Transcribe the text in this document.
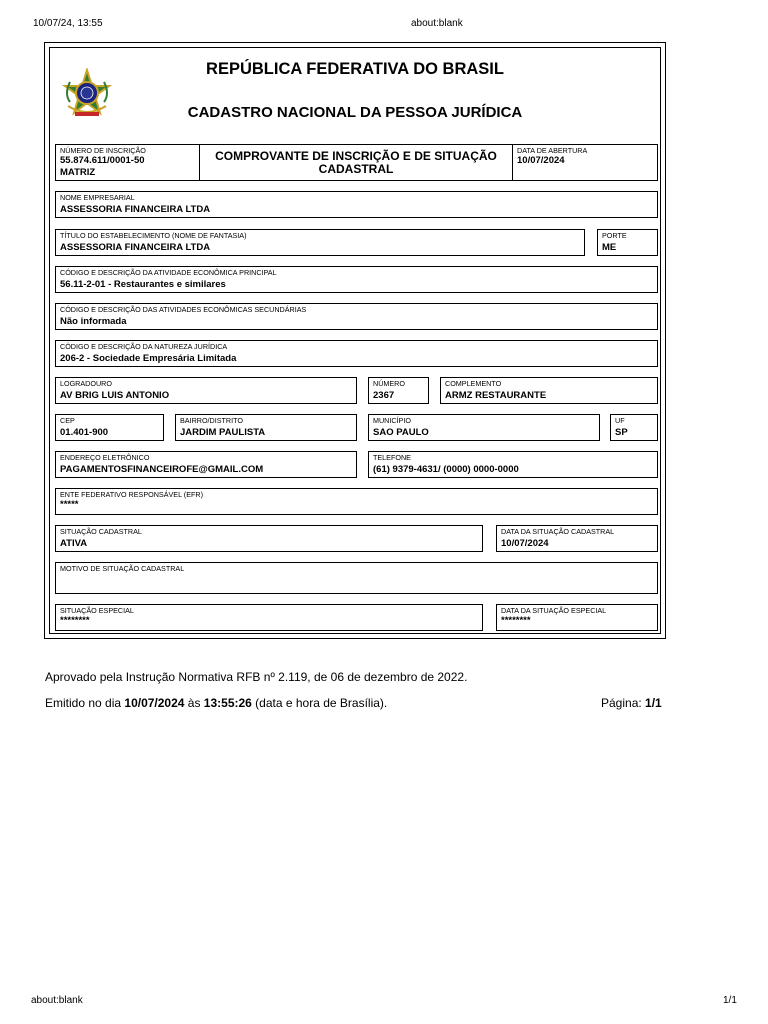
10/07/24, 13:55	about:blank
REPÚBLICA FEDERATIVA DO BRASIL
CADASTRO NACIONAL DA PESSOA JURÍDICA
NÚMERO DE INSCRIÇÃO
55.874.611/0001-50
MATRIZ
COMPROVANTE DE INSCRIÇÃO E DE SITUAÇÃO
CADASTRAL
DATA DE ABERTURA
10/07/2024
NOME EMPRESARIAL
ASSESSORIA FINANCEIRA LTDA
TÍTULO DO ESTABELECIMENTO (NOME DE FANTASIA)
ASSESSORIA FINANCEIRA LTDA
PORTE
ME
CÓDIGO E DESCRIÇÃO DA ATIVIDADE ECONÔMICA PRINCIPAL
56.11-2-01 - Restaurantes e similares
CÓDIGO E DESCRIÇÃO DAS ATIVIDADES ECONÔMICAS SECUNDÁRIAS
Não informada
CÓDIGO E DESCRIÇÃO DA NATUREZA JURÍDICA
206-2 - Sociedade Empresária Limitada
LOGRADOURO
AV BRIG LUIS ANTONIO
NÚMERO
2367
COMPLEMENTO
ARMZ RESTAURANTE
CEP
01.401-900
BAIRRO/DISTRITO
JARDIM PAULISTA
MUNICÍPIO
SAO PAULO
UF
SP
ENDEREÇO ELETRÔNICO
PAGAMENTOSFINANCEIROFE@GMAIL.COM
TELEFONE
(61) 9379-4631/ (0000) 0000-0000
ENTE FEDERATIVO RESPONSÁVEL (EFR)
*****
SITUAÇÃO CADASTRAL
ATIVA
DATA DA SITUAÇÃO CADASTRAL
10/07/2024
MOTIVO DE SITUAÇÃO CADASTRAL
SITUAÇÃO ESPECIAL
********
DATA DA SITUAÇÃO ESPECIAL
********
Aprovado pela Instrução Normativa RFB nº 2.119, de 06 de dezembro de 2022.
Emitido no dia 10/07/2024 às 13:55:26 (data e hora de Brasília).	Página: 1/1
about:blank	1/1
